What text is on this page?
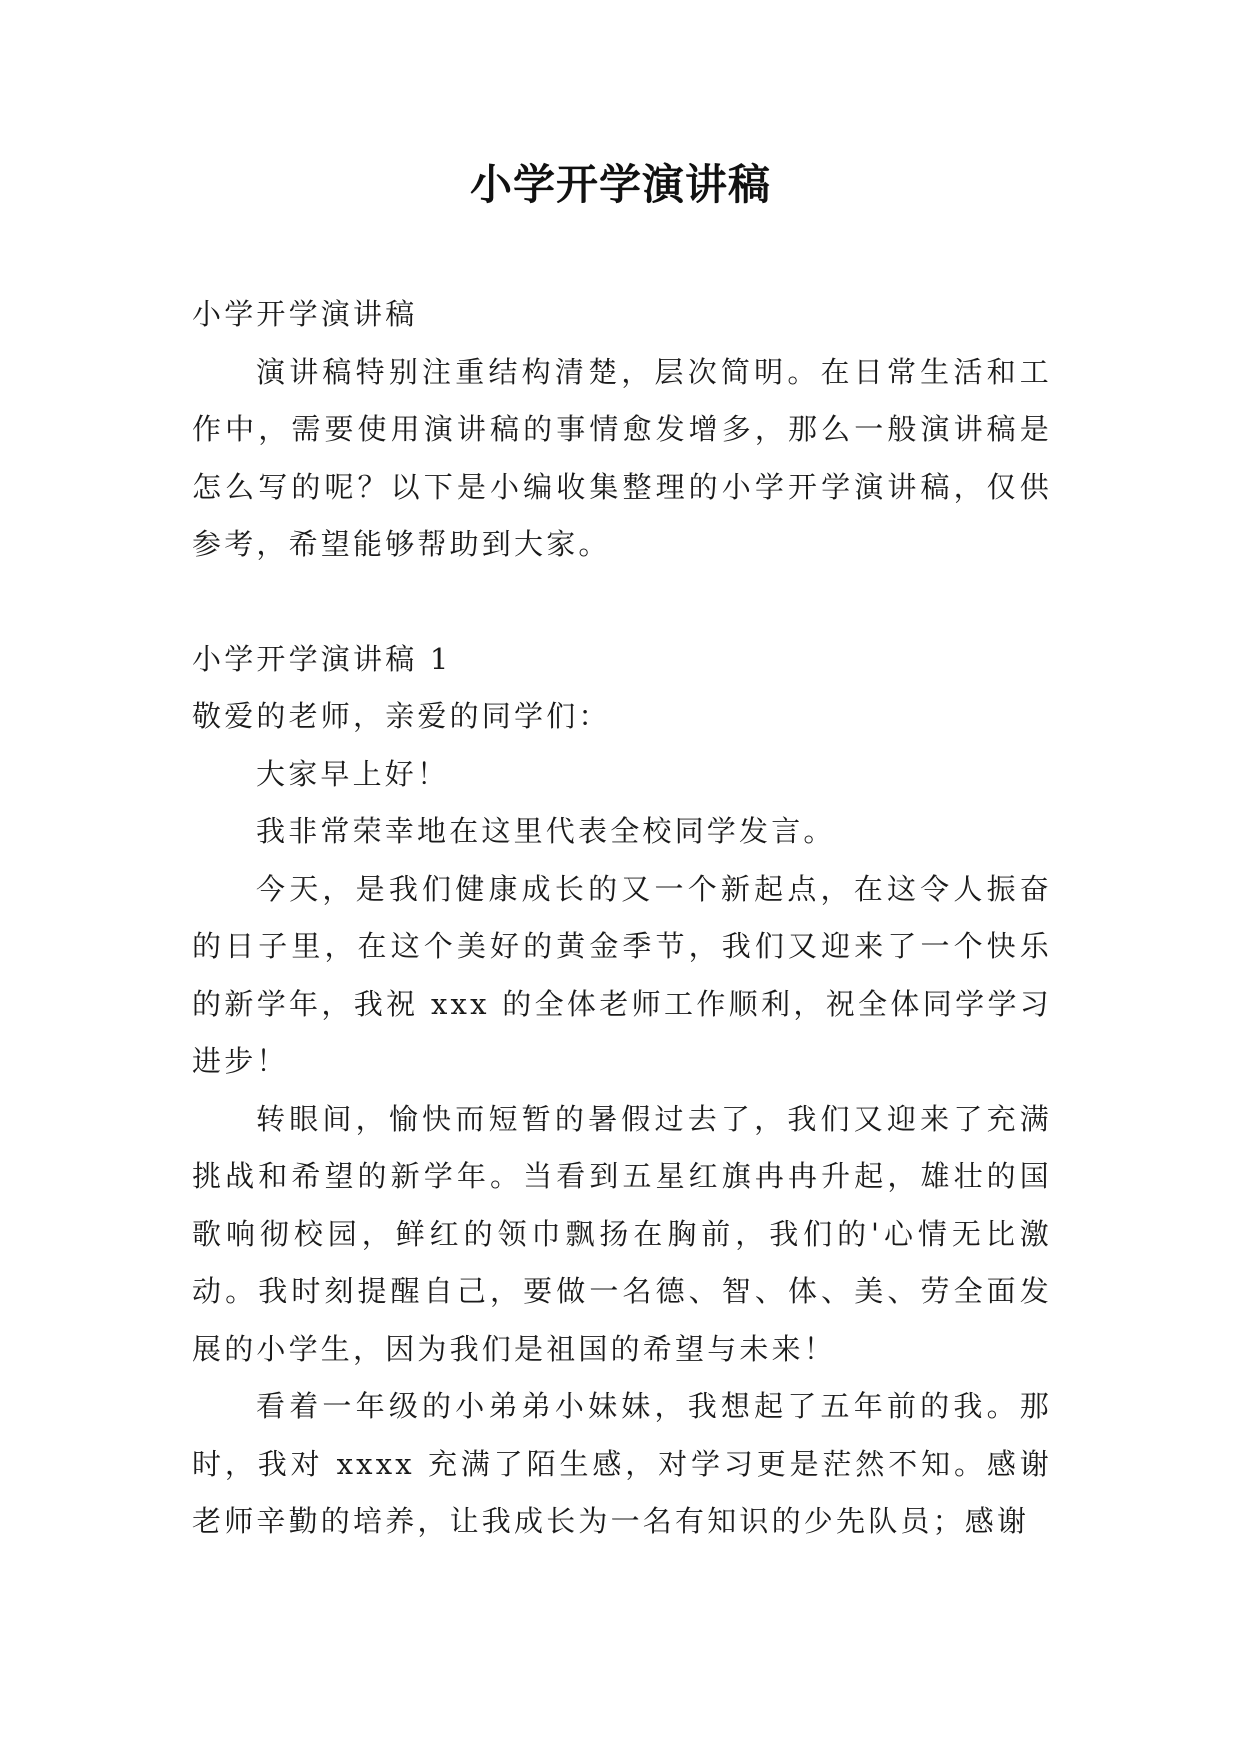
小学开学演讲稿

小学开学演讲稿

演讲稿特别注重结构清楚，层次简明。在日常生活和工作中，需要使用演讲稿的事情愈发增多，那么一般演讲稿是怎么写的呢？以下是小编收集整理的小学开学演讲稿，仅供参考，希望能够帮助到大家。

小学开学演讲稿 1

敬爱的老师，亲爱的同学们：

大家早上好！

我非常荣幸地在这里代表全校同学发言。

今天，是我们健康成长的又一个新起点，在这令人振奋的日子里，在这个美好的黄金季节，我们又迎来了一个快乐的新学年，我祝 xxx 的全体老师工作顺利，祝全体同学学习进步！

转眼间，愉快而短暂的暑假过去了，我们又迎来了充满挑战和希望的新学年。当看到五星红旗冉冉升起，雄壮的国歌响彻校园，鲜红的领巾飘扬在胸前，我们的'心情无比激动。我时刻提醒自己，要做一名德、智、体、美、劳全面发展的小学生，因为我们是祖国的希望与未来！

看着一年级的小弟弟小妹妹，我想起了五年前的我。那时，我对 xxxx 充满了陌生感，对学习更是茫然不知。感谢老师辛勤的培养，让我成长为一名有知识的少先队员；感谢
